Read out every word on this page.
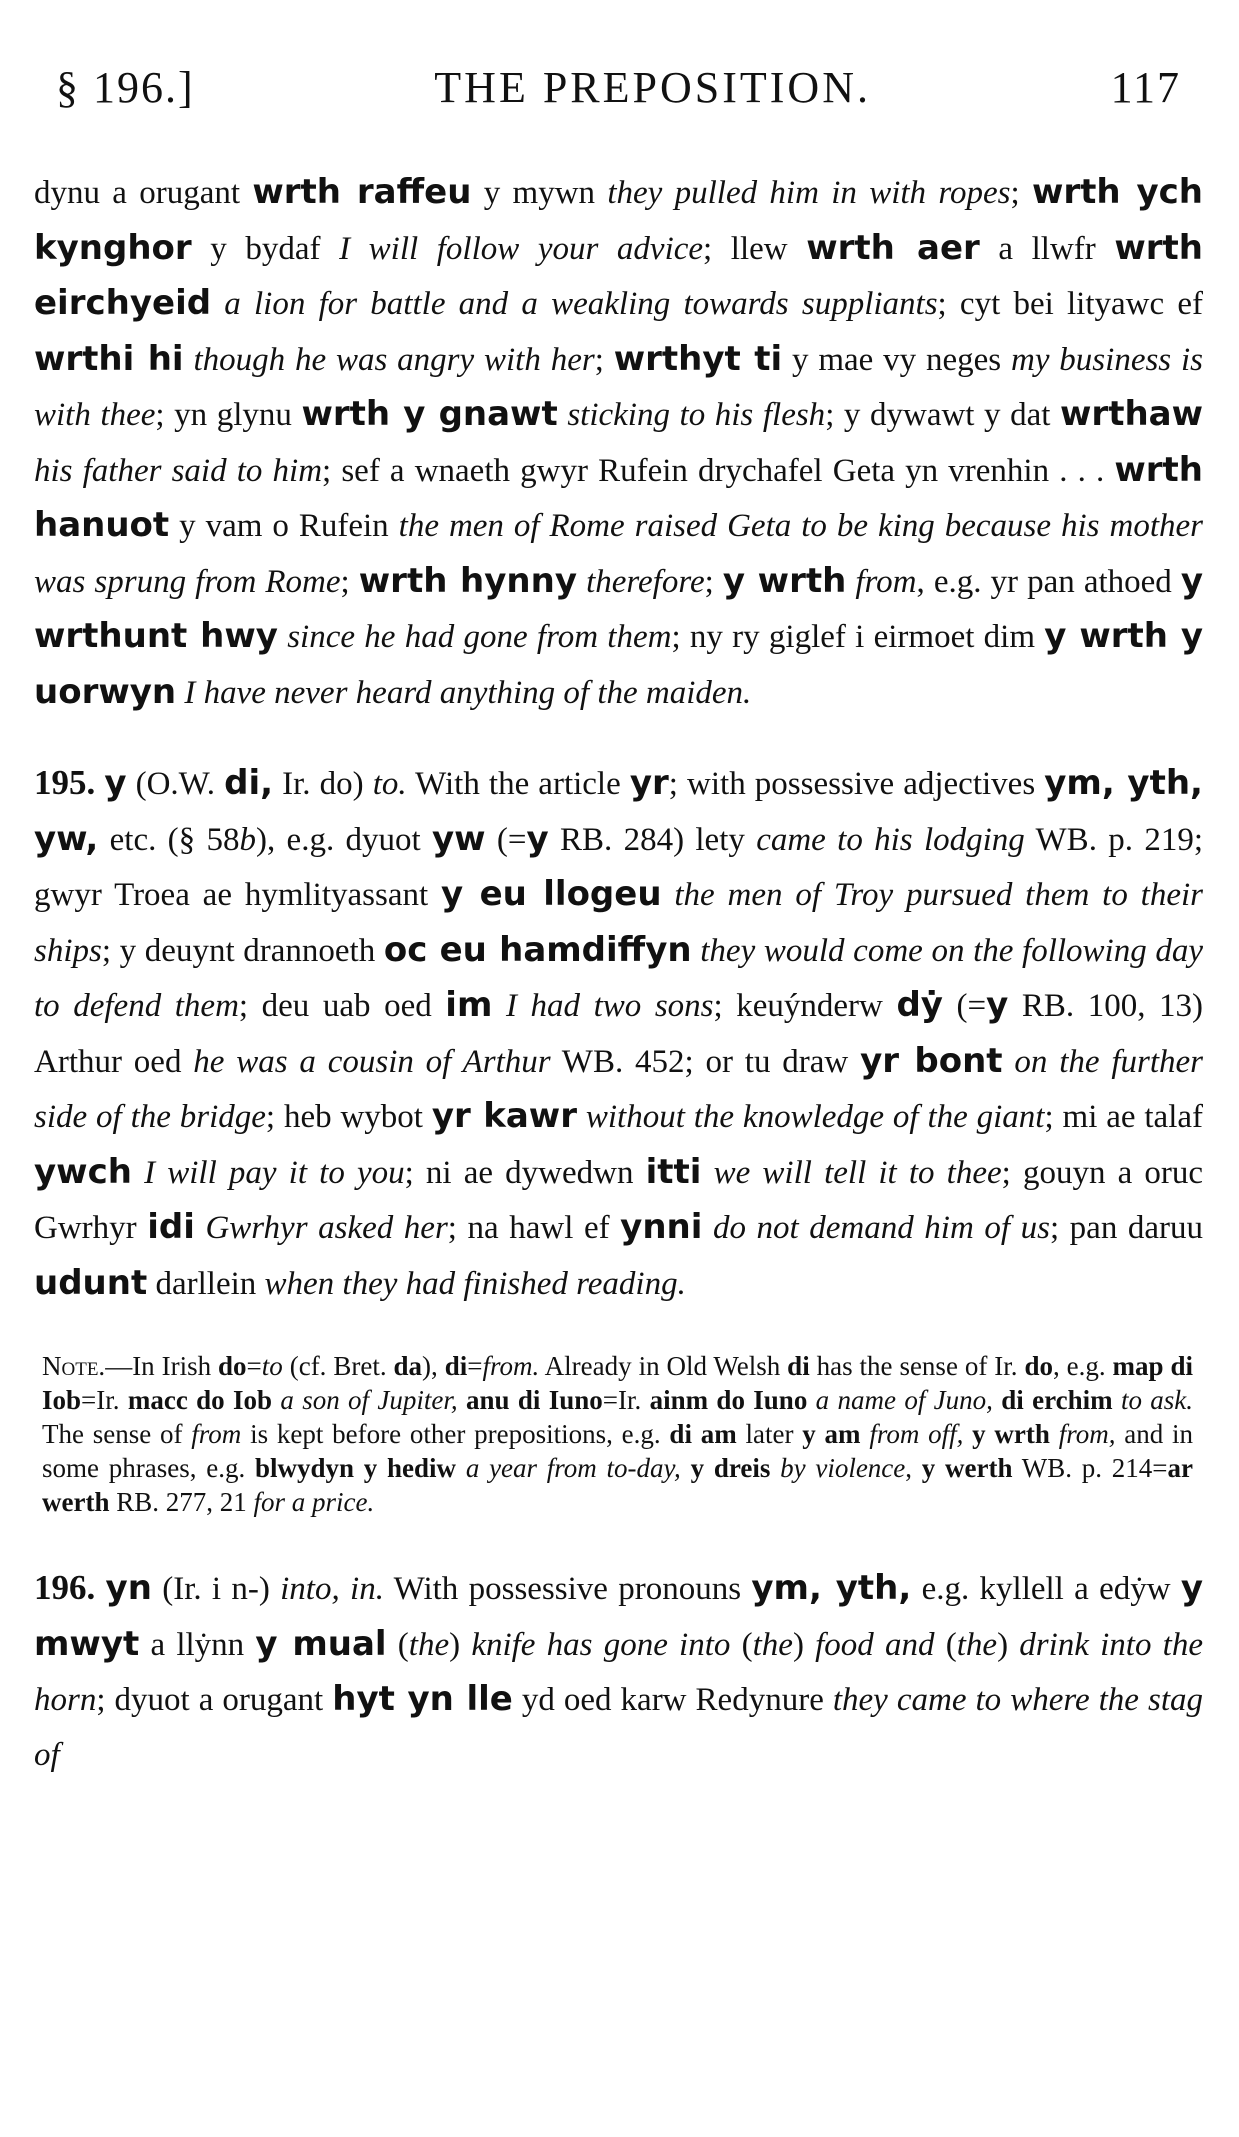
§ 196.]	THE PREPOSITION.	117

dynu a orugant wrth raffeu y mywn they pulled him in with ropes; wrth ych kynghor y bydaf I will follow your advice; llew wrth aer a llwfr wrth eirchyeid a lion for battle and a weakling towards suppliants; cyt bei lityawc ef wrthi hi though he was angry with her; wrthyt ti y mae vy neges my business is with thee; yn glynu wrth y gnawt sticking to his flesh; y dywawt y dat wrthaw his father said to him; sef a wnaeth gwyr Rufein drychafel Geta yn vrenhin . . . wrth hanuot y vam o Rufein the men of Rome raised Geta to be king because his mother was sprung from Rome; wrth hynny therefore; y wrth from, e.g. yr pan athoed y wrthunt hwy since he had gone from them; ny ry giglef i eirmoet dim y wrth y uorwyn I have never heard anything of the maiden.

195. y (O.W. di, Ir. do) to. With the article yr; with possessive adjectives ym, yth, yw, etc. (§ 58b), e.g. dyuot yw (=y RB. 284) lety came to his lodging WB. p. 219; gwyr Troea ae hymlityassant y eu llogeu the men of Troy pursued them to their ships; y deuynt drannoeth oc eu hamdiffyn they would come on the following day to defend them; deu uab oed im I had two sons; keuýnderw dẏ (=y RB. 100, 13) Arthur oed he was a cousin of Arthur WB. 452; or tu draw yr bont on the further side of the bridge; heb wybot yr kawr without the knowledge of the giant; mi ae talaf ywch I will pay it to you; ni ae dywedwn itti we will tell it to thee; gouyn a oruc Gwrhyr idi Gwrhyr asked her; na hawl ef ynni do not demand him of us; pan daruu udunt darllein when they had finished reading.

Note.—In Irish do=to (cf. Bret. da), di=from. Already in Old Welsh di has the sense of Ir. do, e.g. map di Iob=Ir. macc do Iob a son of Jupiter, anu di Iuno=Ir. ainm do Iuno a name of Juno, di erchim to ask. The sense of from is kept before other prepositions, e.g. di am later y am from off, y wrth from, and in some phrases, e.g. blwydyn y hediw a year from to-day, y dreis by violence, y werth WB. p. 214=ar werth RB. 277, 21 for a price.

196. yn (Ir. i n-) into, in. With possessive pronouns ym, yth, e.g. kyllell a edẏw y mwyt a llẏnn y mual (the) knife has gone into (the) food and (the) drink into the horn; dyuot a orugant hyt yn lle yd oed karw Redynure they came to where the stag of
